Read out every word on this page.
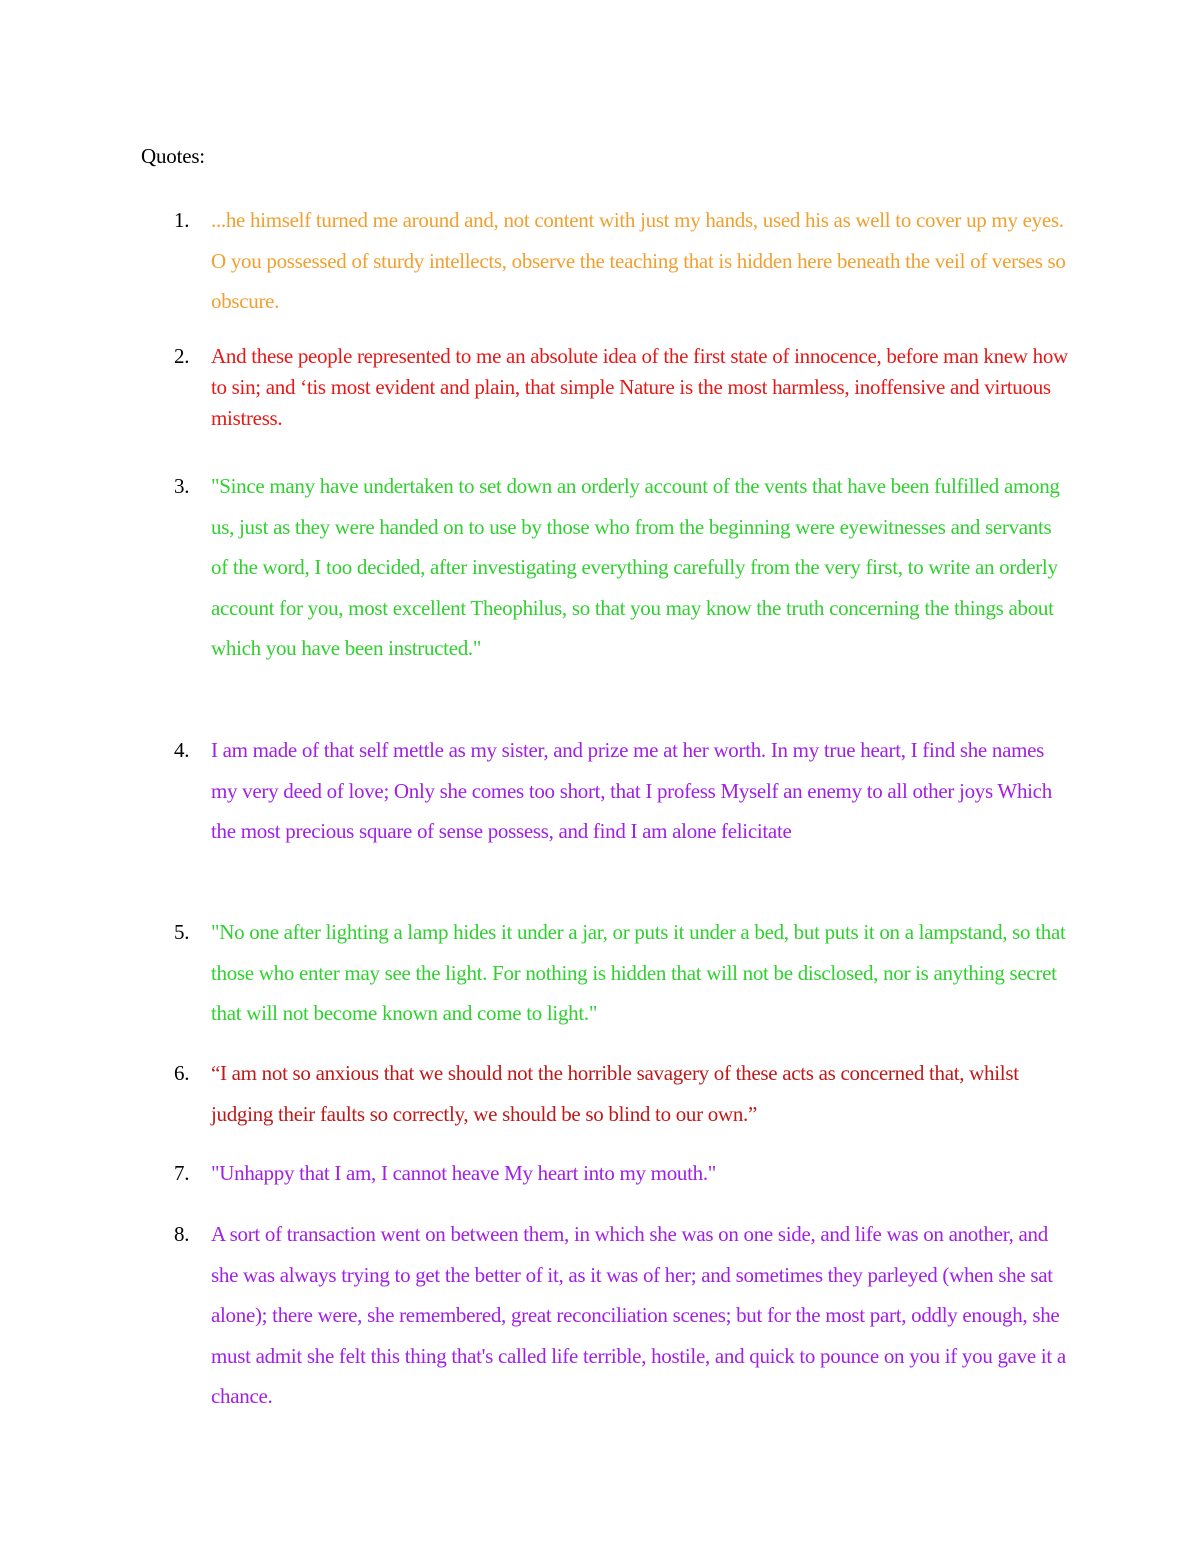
Quotes:
1.	...he himself turned me around and, not content with just my hands, used his as well to cover up my eyes. O you possessed of sturdy intellects, observe the teaching that is hidden here beneath the veil of verses so obscure.

2.	And these people represented to me an absolute idea of the first state of innocence, before man knew how to sin; and ‘tis most evident and plain, that simple Nature is the most harmless, inoffensive and virtuous mistress.

3.	"Since many have undertaken to set down an orderly account of the vents that have been fulfilled among us, just as they were handed on to use by those who from the beginning were eyewitnesses and servants of the word, I too decided, after investigating everything carefully from the very first, to write an orderly account for you, most excellent Theophilus, so that you may know the truth concerning the things about which you have been instructed."

4.	I am made of that self mettle as my sister, and prize me at her worth. In my true heart, I find she names my very deed of love; Only she comes too short, that I profess Myself an enemy to all other joys Which the most precious square of sense possess, and find I am alone felicitate

5.	"No one after lighting a lamp hides it under a jar, or puts it under a bed, but puts it on a lampstand, so that those who enter may see the light. For nothing is hidden that will not be disclosed, nor is anything secret that will not become known and come to light."

6.	“I am not so anxious that we should not the horrible savagery of these acts as concerned that, whilst judging their faults so correctly, we should be so blind to our own.”

7.	"Unhappy that I am, I cannot heave My heart into my mouth."

8.	A sort of transaction went on between them, in which she was on one side, and life was on another, and she was always trying to get the better of it, as it was of her; and sometimes they parleyed (when she sat alone); there were, she remembered, great reconciliation scenes; but for the most part, oddly enough, she must admit she felt this thing that's called life terrible, hostile, and quick to pounce on you if you gave it a chance.
